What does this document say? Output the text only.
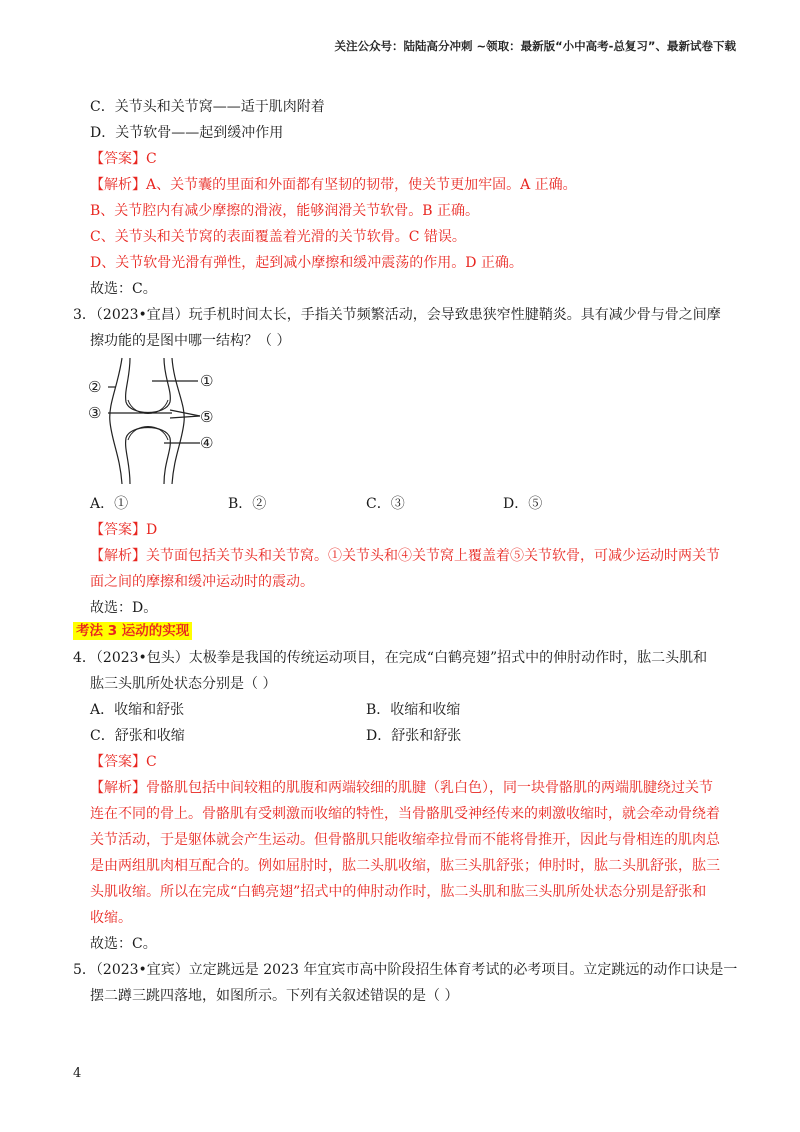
关注公众号：陆陆高分冲刺 ~领取：最新版“小中高考-总复习”、最新试卷下载
C．关节头和关节窝——适于肌肉附着
D．关节软骨——起到缓冲作用
【答案】C
【解析】A、关节囊的里面和外面都有坚韧的韧带，使关节更加牢固。A 正确。
B、关节腔内有减少摩擦的滑液，能够润滑关节软骨。B 正确。
C、关节头和关节窝的表面覆盖着光滑的关节软骨。C 错误。
D、关节软骨光滑有弹性，起到减小摩擦和缓冲震荡的作用。D 正确。
故选：C。
3．（2023•宜昌）玩手机时间太长，手指关节频繁活动，会导致患狭窄性腱鞘炎。具有减少骨与骨之间摩
擦功能的是图中哪一结构？（ ）
①
②
③	⑤
④
A．①	B．②	C．③	D．⑤
【答案】D
【解析】关节面包括关节头和关节窝。①关节头和④关节窝上覆盖着⑤关节软骨，可减少运动时两关节
面之间的摩擦和缓冲运动时的震动。
故选：D。
考法 3 运动的实现
4．（2023•包头）太极拳是我国的传统运动项目，在完成“白鹤亮翅”招式中的伸肘动作时，肱二头肌和
肱三头肌所处状态分别是（ ）
A．收缩和舒张	B．收缩和收缩
C．舒张和收缩	D．舒张和舒张
【答案】C
【解析】骨骼肌包括中间较粗的肌腹和两端较细的肌腱（乳白色），同一块骨骼肌的两端肌腱绕过关节
连在不同的骨上。骨骼肌有受刺激而收缩的特性，当骨骼肌受神经传来的刺激收缩时，就会牵动骨绕着
关节活动，于是躯体就会产生运动。但骨骼肌只能收缩牵拉骨而不能将骨推开，因此与骨相连的肌肉总
是由两组肌肉相互配合的。例如屈肘时，肱二头肌收缩，肱三头肌舒张；伸肘时，肱二头肌舒张，肱三
头肌收缩。所以在完成“白鹤亮翅”招式中的伸肘动作时，肱二头肌和肱三头肌所处状态分别是舒张和
收缩。
故选：C。
5．（2023•宜宾）立定跳远是 2023 年宜宾市高中阶段招生体育考试的必考项目。立定跳远的动作口诀是一
摆二蹲三跳四落地，如图所示。下列有关叙述错误的是（ ）
4
